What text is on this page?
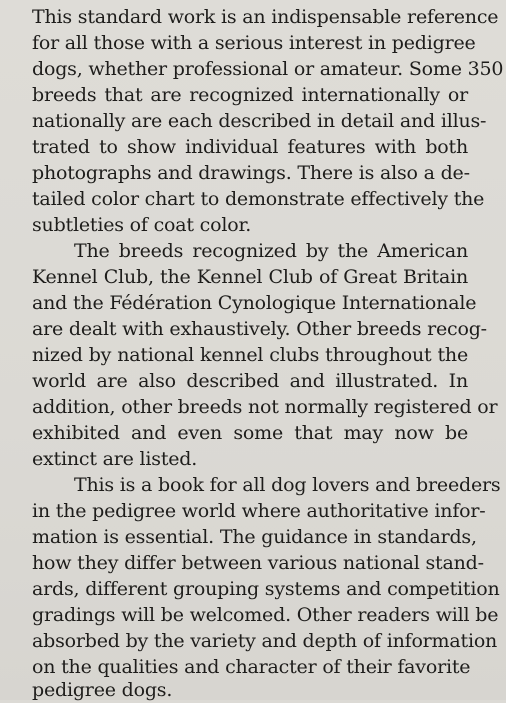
This standard work is an indispensable reference

for all those with a serious interest in pedigree

dogs, whether professional or amateur. Some 350

breeds that are recognized internationally or

nationally are each described in detail and illus-

trated to show individual features with both

photographs and drawings. There is also a de-

tailed color chart to demonstrate effectively the

subtleties of coat color.

The breeds recognized by the American

Kennel Club, the Kennel Club of Great Britain

and the Fédération Cynologique Internationale

are dealt with exhaustively. Other breeds recog-

nized by national kennel clubs throughout the

world are also described and illustrated. In

addition, other breeds not normally registered or

exhibited and even some that may now be

extinct are listed.

This is a book for all dog lovers and breeders

in the pedigree world where authoritative infor-

mation is essential. The guidance in standards,

how they differ between various national stand-

ards, different grouping systems and competition

gradings will be welcomed. Other readers will be

absorbed by the variety and depth of information

on the qualities and character of their favorite

pedigree dogs.
